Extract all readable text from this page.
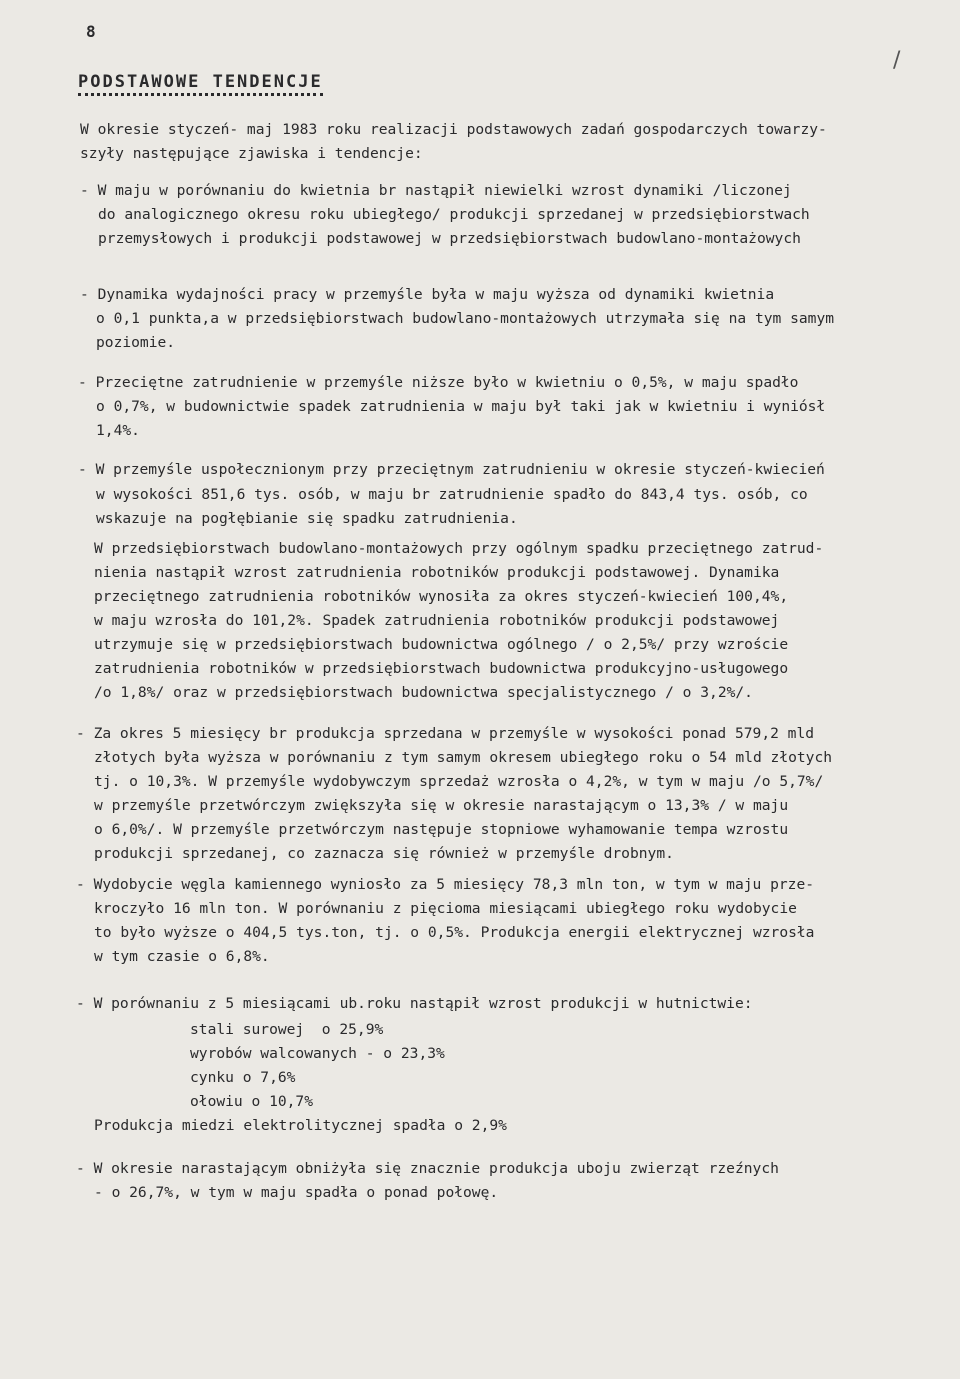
8
PODSTAWOWE TENDENCJE
/
W okresie styczeń- maj 1983 roku realizacji podstawowych zadań gospodarczych towarzy-
szyły następujące zjawiska i tendencje:
- W maju w porównaniu do kwietnia br nastąpił niewielki wzrost dynamiki /liczonej
do analogicznego okresu roku ubiegłego/ produkcji sprzedanej w przedsiębiorstwach
przemysłowych i produkcji podstawowej w przedsiębiorstwach budowlano-montażowych
- Dynamika wydajności pracy w przemyśle była w maju wyższa od dynamiki kwietnia
o 0,1 punkta,a w przedsiębiorstwach budowlano-montażowych utrzymała się na tym samym
poziomie.
- Przeciętne zatrudnienie w przemyśle niższe było w kwietniu o 0,5%, w maju spadło
o 0,7%, w budownictwie spadek zatrudnienia w maju był taki jak w kwietniu i wyniósł
1,4%.
- W przemyśle uspołecznionym przy przeciętnym zatrudnieniu w okresie styczeń-kwiecień
w wysokości 851,6 tys. osób, w maju br zatrudnienie spadło do 843,4 tys. osób, co
wskazuje na pogłębianie się spadku zatrudnienia.
W przedsiębiorstwach budowlano-montażowych przy ogólnym spadku przeciętnego zatrud-
nienia nastąpił wzrost zatrudnienia robotników produkcji podstawowej. Dynamika
przeciętnego zatrudnienia robotników wynosiła za okres styczeń-kwiecień 100,4%,
w maju wzrosła do 101,2%. Spadek zatrudnienia robotników produkcji podstawowej
utrzymuje się w przedsiębiorstwach budownictwa ogólnego / o 2,5%/ przy wzroście
zatrudnienia robotników w przedsiębiorstwach budownictwa produkcyjno-usługowego
/o 1,8%/ oraz w przedsiębiorstwach budownictwa specjalistycznego / o 3,2%/.
- Za okres 5 miesięcy br produkcja sprzedana w przemyśle w wysokości ponad 579,2 mld
złotych była wyższa w porównaniu z tym samym okresem ubiegłego roku o 54 mld złotych
tj. o 10,3%. W przemyśle wydobywczym sprzedaż wzrosła o 4,2%, w tym w maju /o 5,7%/
w przemyśle przetwórczym zwiększyła się w okresie narastającym o 13,3% / w maju
o 6,0%/. W przemyśle przetwórczym następuje stopniowe wyhamowanie tempa wzrostu
produkcji sprzedanej, co zaznacza się również w przemyśle drobnym.
- Wydobycie węgla kamiennego wyniosło za 5 miesięcy 78,3 mln ton, w tym w maju prze-
kroczyło 16 mln ton. W porównaniu z pięcioma miesiącami ubiegłego roku wydobycie
to było wyższe o 404,5 tys.ton, tj. o 0,5%. Produkcja energii elektrycznej wzrosła
w tym czasie o 6,8%.
- W porównaniu z 5 miesiącami ub.roku nastąpił wzrost produkcji w hutnictwie:
stali surowej  o 25,9%
wyrobów walcowanych - o 23,3%
cynku o 7,6%
ołowiu o 10,7%
Produkcja miedzi elektrolitycznej spadła o 2,9%
- W okresie narastającym obniżyła się znacznie produkcja uboju zwierząt rzeźnych
- o 26,7%, w tym w maju spadła o ponad połowę.
